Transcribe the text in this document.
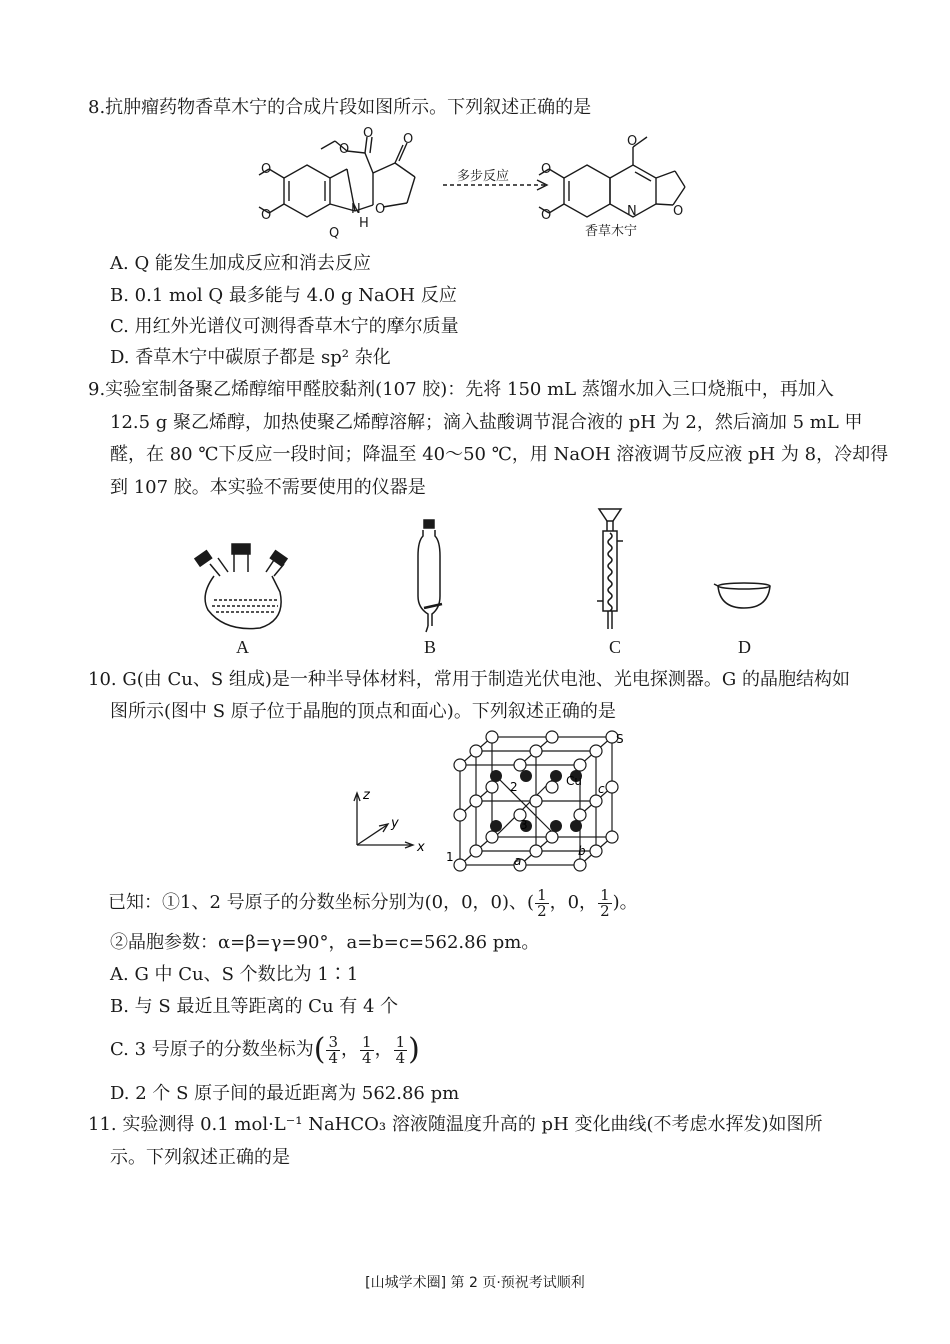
8.抗肿瘤药物香草木宁的合成片段如图所示。下列叙述正确的是
O
O
O
O O
O
N
H
O
O
O	N	O
多步反应
Q	香草木宁
A. Q 能发生加成反应和消去反应
B. 0.1 mol Q 最多能与 4.0 g NaOH 反应
C. 用红外光谱仪可测得香草木宁的摩尔质量
D. 香草木宁中碳原子都是 sp² 杂化
9.实验室制备聚乙烯醇缩甲醛胶黏剂(107 胶)：先将 150 mL 蒸馏水加入三口烧瓶中，再加入
12.5 g 聚乙烯醇，加热使聚乙烯醇溶解；滴入盐酸调节混合液的 pH 为 2，然后滴加 5 mL 甲
醛，在 80 ℃下反应一段时间；降温至 40～50 ℃，用 NaOH 溶液调节反应液 pH 为 8，冷却得
到 107 胶。本实验不需要使用的仪器是
A	B	C	D
10. G(由 Cu、S 组成)是一种半导体材料，常用于制造光伏电池、光电探测器。G 的晶胞结构如
图所示(图中 S 原子位于晶胞的顶点和面心)。下列叙述正确的是
z
y
x
S
Cu
c
a
b
1
2
3
已知：①1、2 号原子的分数坐标分别为(0，0，0)、( $\frac{1}{2}$ ，0， $\frac{1}{2}$ )。
②晶胞参数：α=β=γ=90°，a=b=c=562.86 pm。
A. G 中 Cu、S 个数比为 1∶1
B. 与 S 最近且等距离的 Cu 有 4 个
C. 3 号原子的分数坐标为( $\frac{3}{4}$ ， $\frac{1}{4}$ ， $\frac{1}{4}$ )
D. 2 个 S 原子间的最近距离为 562.86 pm
11. 实验测得 0.1 mol·L⁻¹ NaHCO₃ 溶液随温度升高的 pH 变化曲线(不考虑水挥发)如图所
示。下列叙述正确的是
[山城学术圈] 第 2 页·预祝考试顺利
